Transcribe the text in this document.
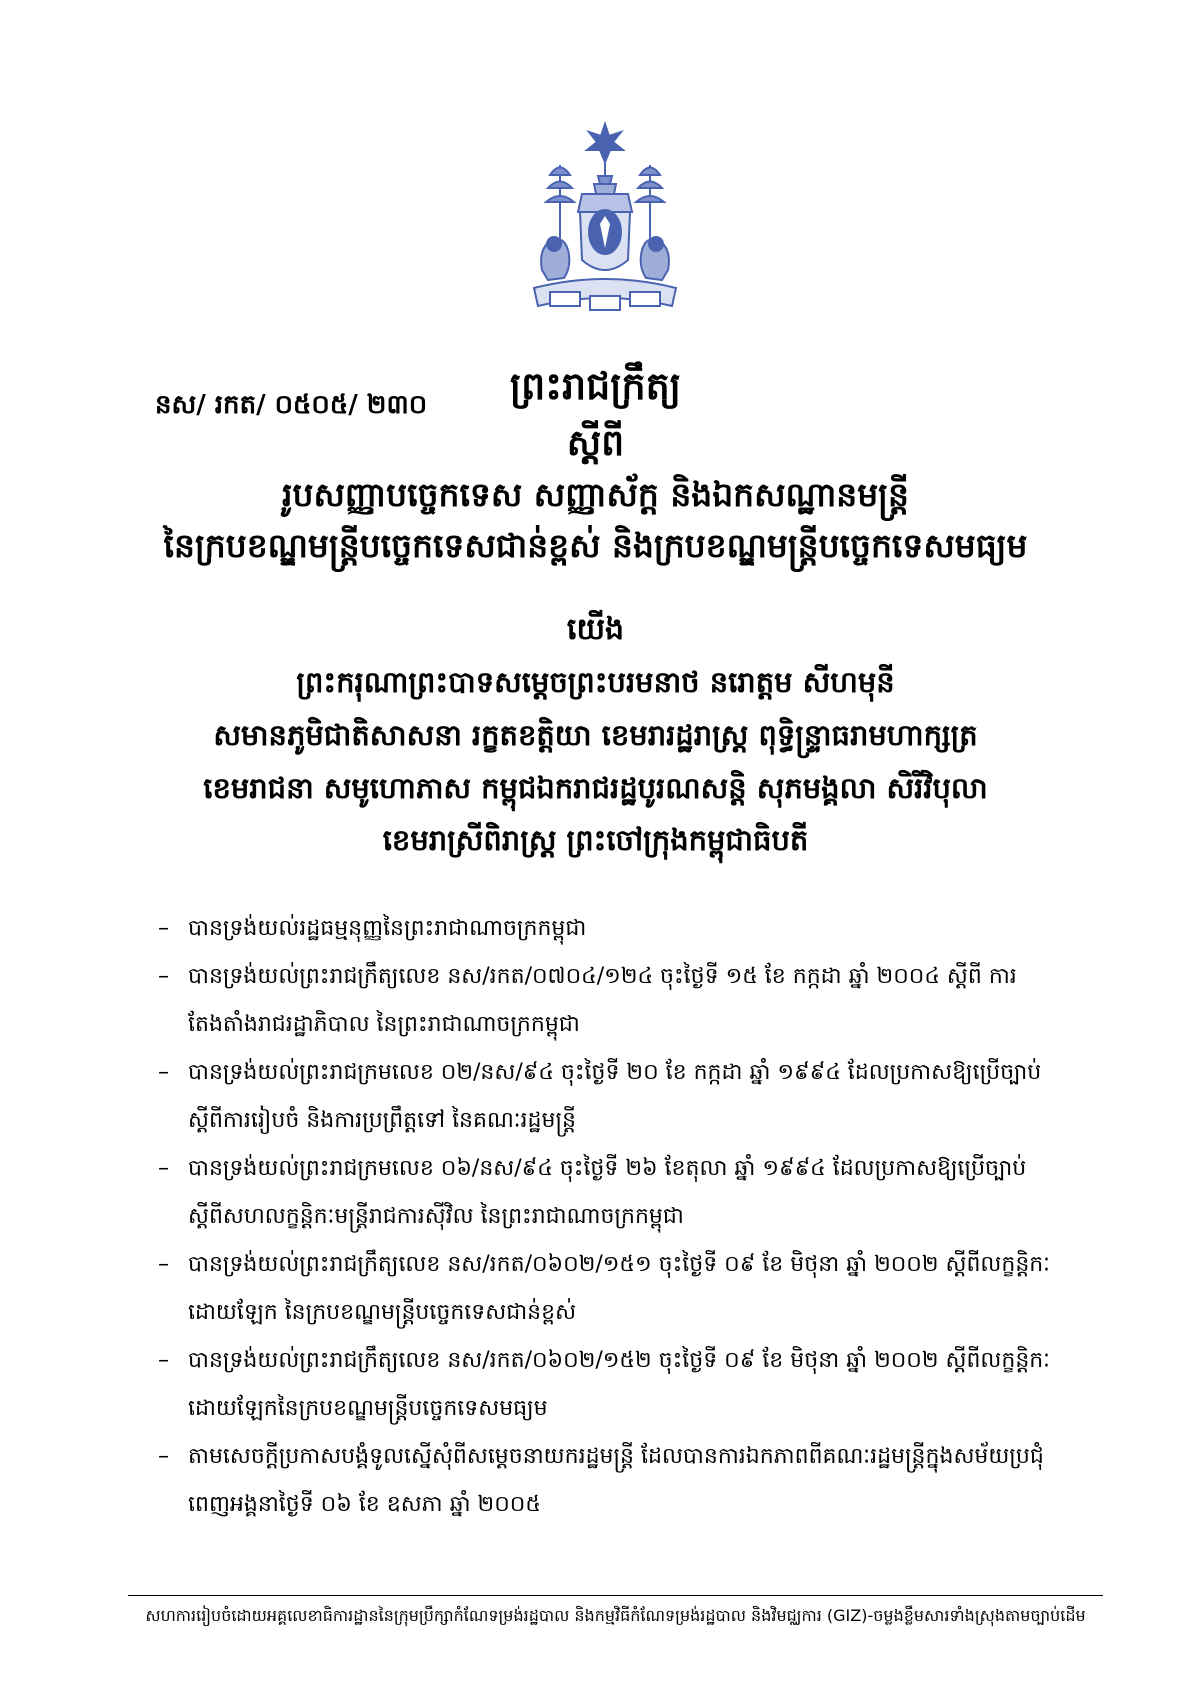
នស/ រកត/ ០៥០៥/ ២៣០	ព្រះរាជក្រឹត្យ
ស្ដីពី
រូបសញ្ញាបច្ចេកទេស សញ្ញាស័ក្ដ និងឯកសណ្ឋានមន្ត្រី
នៃក្របខណ្ឌមន្ត្រីបច្ចេកទេសជាន់ខ្ពស់ និងក្របខណ្ឌមន្ត្រីបច្ចេកទេសមធ្យម
យើង
ព្រះករុណាព្រះបាទសម្ដេចព្រះបរមនាថ នរោត្ដម សីហមុនី
សមានភូមិជាតិសាសនា រក្ខតខត្តិយា ខេមរារដ្ឋរាស្ដ្រ ពុទ្ធិន្ទ្រាធរាមហាក្សត្រ
ខេមរាជនា សមូហោភាស កម្ពុជឯករាជរដ្ឋបូរណសន្តិ សុភមង្គលា សិរីវិបុលា
ខេមរាស្រីពិរាស្ដ្រ ព្រះចៅក្រុងកម្ពុជាធិបតី
– បានទ្រង់យល់រដ្ឋធម្មនុញ្ញនៃព្រះរាជាណាចក្រកម្ពុជា
– បានទ្រង់យល់ព្រះរាជក្រឹត្យលេខ នស/រកត/០៧០៤/១២៤ ចុះថ្ងៃទី ១៥ ខែ កក្កដា ឆ្នាំ ២០០៤ ស្ដីពី ការតែងតាំងរាជរដ្ឋាភិបាល នៃព្រះរាជាណាចក្រកម្ពុជា
– បានទ្រង់យល់ព្រះរាជក្រមលេខ ០២/នស/៩៤ ចុះថ្ងៃទី ២០ ខែ កក្កដា ឆ្នាំ ១៩៩៤ ដែលប្រកាសឱ្យប្រើច្បាប់ស្ដីពីការរៀបចំ និងការប្រព្រឹត្តទៅ នៃគណៈរដ្ឋមន្ត្រី
– បានទ្រង់យល់ព្រះរាជក្រមលេខ ០៦/នស/៩៤ ចុះថ្ងៃទី ២៦ ខែតុលា ឆ្នាំ ១៩៩៤ ដែលប្រកាសឱ្យប្រើច្បាប់ស្ដីពីសហលក្ខន្តិកៈមន្ត្រីរាជការស៊ីវិល នៃព្រះរាជាណាចក្រកម្ពុជា
– បានទ្រង់យល់ព្រះរាជក្រឹត្យលេខ នស/រកត/០៦០២/១៥១ ចុះថ្ងៃទី ០៩ ខែ មិថុនា ឆ្នាំ ២០០២ ស្ដីពីលក្ខន្តិកៈដោយឡែក នៃក្របខណ្ឌមន្ត្រីបច្ចេកទេសជាន់ខ្ពស់
– បានទ្រង់យល់ព្រះរាជក្រឹត្យលេខ នស/រកត/០៦០២/១៥២ ចុះថ្ងៃទី ០៩ ខែ មិថុនា ឆ្នាំ ២០០២ ស្ដីពីលក្ខន្តិកៈដោយឡែកនៃក្របខណ្ឌមន្ត្រីបច្ចេកទេសមធ្យម
– តាមសេចក្ដីប្រកាសបង្គំទូលស្នើសុំពីសម្ដេចនាយករដ្ឋមន្ត្រី ដែលបានការឯកភាពពីគណៈរដ្ឋមន្ត្រីក្នុងសម័យប្រជុំពេញអង្គនាថ្ងៃទី ០៦ ខែ ឧសភា ឆ្នាំ ២០០៥
សហការរៀបចំដោយអគ្គលេខាធិការដ្ឋាននៃក្រុមប្រឹក្សាកំណែទម្រង់រដ្ឋបាល និងកម្មវិធីកំណែទម្រង់រដ្ឋបាល និងវិមជ្ឈការ (GIZ)-ចម្លងខ្លឹមសារទាំងស្រុងតាមច្បាប់ដើម
